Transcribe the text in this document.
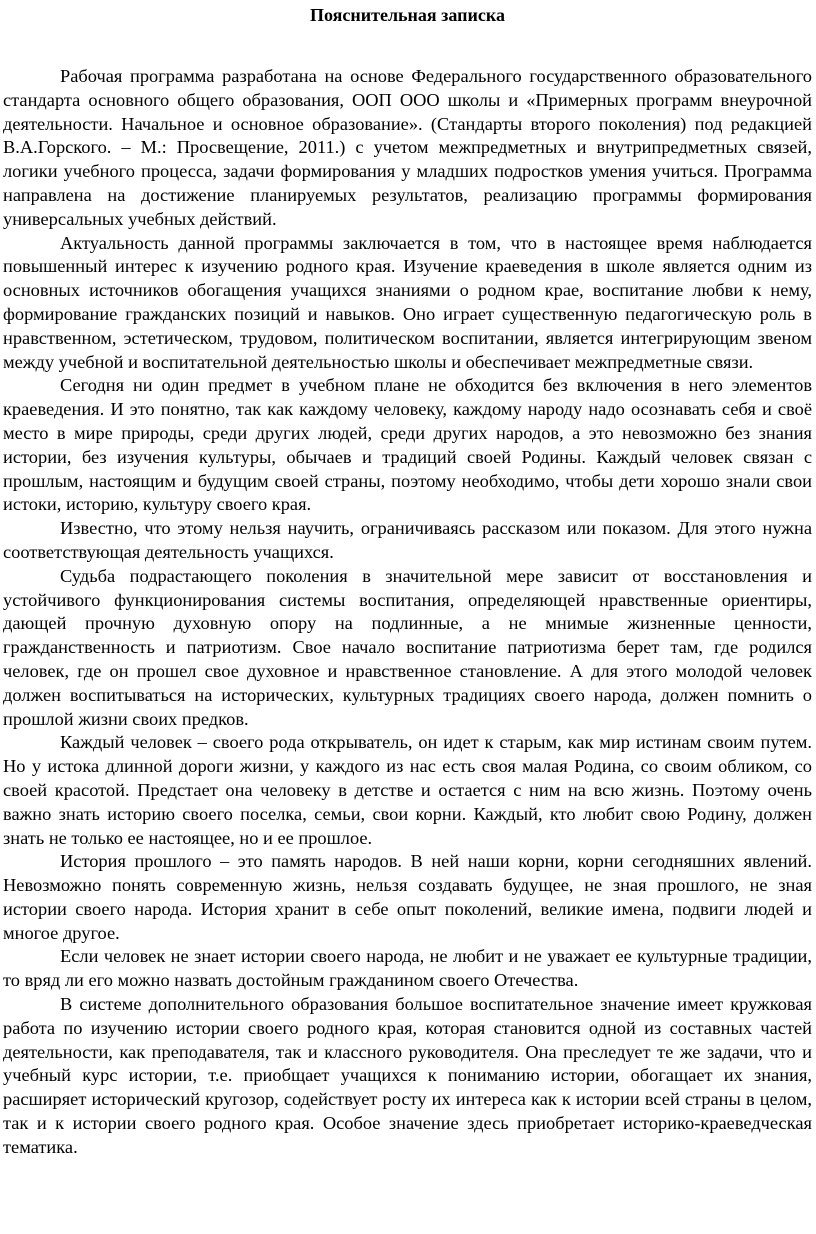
Пояснительная записка

Рабочая программа разработана на основе Федерального государственного образовательного стандарта основного общего образования, ООП ООО школы и «Примерных программ внеурочной деятельности. Начальное и основное образование». (Стандарты второго поколения) под редакцией В.А.Горского. – М.: Просвещение, 2011.) с учетом межпредметных и внутрипредметных связей, логики учебного процесса, задачи формирования у младших подростков умения учиться. Программа направлена на достижение планируемых результатов, реализацию программы формирования универсальных учебных действий.

Актуальность данной программы заключается в том, что в настоящее время наблюдается повышенный интерес к изучению родного края. Изучение краеведения в школе является одним из основных источников обогащения учащихся знаниями о родном крае, воспитание любви к нему, формирование гражданских позиций и навыков. Оно играет существенную педагогическую роль в нравственном, эстетическом, трудовом, политическом воспитании, является интегрирующим звеном между учебной и воспитательной деятельностью школы и обеспечивает межпредметные связи.

Сегодня ни один предмет в учебном плане не обходится без включения в него элементов краеведения. И это понятно, так как каждому человеку, каждому народу надо осознавать себя и своё место в мире природы, среди других людей, среди других народов, а это невозможно без знания истории, без изучения культуры, обычаев и традиций своей Родины. Каждый человек связан с прошлым, настоящим и будущим своей страны, поэтому необходимо, чтобы дети хорошо знали свои истоки, историю, культуру своего края.

Известно, что этому нельзя научить, ограничиваясь рассказом или показом. Для этого нужна соответствующая деятельность учащихся.

Судьба подрастающего поколения в значительной мере зависит от восстановления и устойчивого функционирования системы воспитания, определяющей нравственные ориентиры, дающей прочную духовную опору на подлинные, а не мнимые жизненные ценности, гражданственность и патриотизм. Свое начало воспитание патриотизма берет там, где родился человек, где он прошел свое духовное и нравственное становление. А для этого молодой человек должен воспитываться на исторических, культурных традициях своего народа, должен помнить о прошлой жизни своих предков.

Каждый человек – своего рода открыватель, он идет к старым, как мир истинам своим путем. Но у истока длинной дороги жизни, у каждого из нас есть своя малая Родина, со своим обликом, со своей красотой. Предстает она человеку в детстве и остается с ним на всю жизнь. Поэтому очень важно знать историю своего поселка, семьи, свои корни. Каждый, кто любит свою Родину, должен знать не только ее настоящее, но и ее прошлое.

История прошлого – это память народов. В ней наши корни, корни сегодняшних явлений. Невозможно понять современную жизнь, нельзя создавать будущее, не зная прошлого, не зная истории своего народа. История хранит в себе опыт поколений, великие имена, подвиги людей и многое другое.

Если человек не знает истории своего народа, не любит и не уважает ее культурные традиции, то вряд ли его можно назвать достойным гражданином своего Отечества.

В системе дополнительного образования большое воспитательное значение имеет кружковая работа по изучению истории своего родного края, которая становится одной из составных частей деятельности, как преподавателя, так и классного руководителя. Она преследует те же задачи, что и учебный курс истории, т.е. приобщает учащихся к пониманию истории, обогащает их знания, расширяет исторический кругозор, содействует росту их интереса как к истории всей страны в целом, так и к истории своего родного края. Особое значение здесь приобретает историко-краеведческая тематика.
